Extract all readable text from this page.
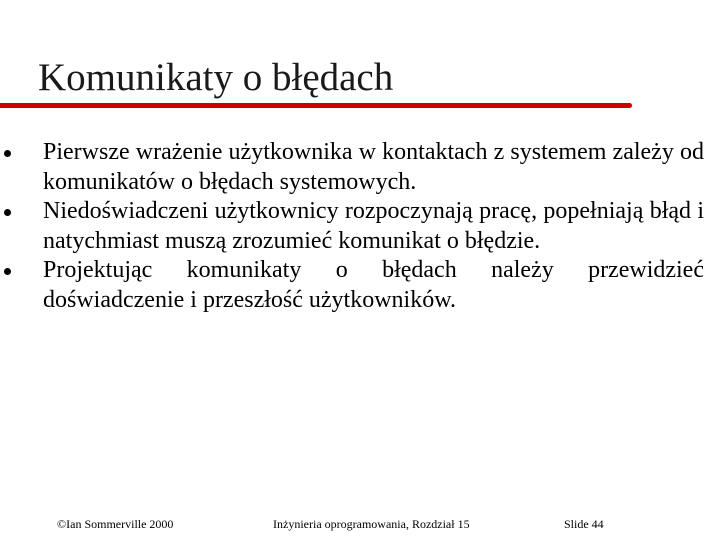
Komunikaty o błędach
Pierwsze wrażenie użytkownika w kontaktach z systemem zależy od komunikatów o błędach systemowych.
Niedoświadczeni użytkownicy rozpoczynają pracę, popełniają błąd i natychmiast muszą zrozumieć komunikat o błędzie.
Projektując komunikaty o błędach należy przewidzieć doświadczenie i przeszłość użytkowników.
©Ian Sommerville 2000	Inżynieria oprogramowania, Rozdział 15	Slide 44
